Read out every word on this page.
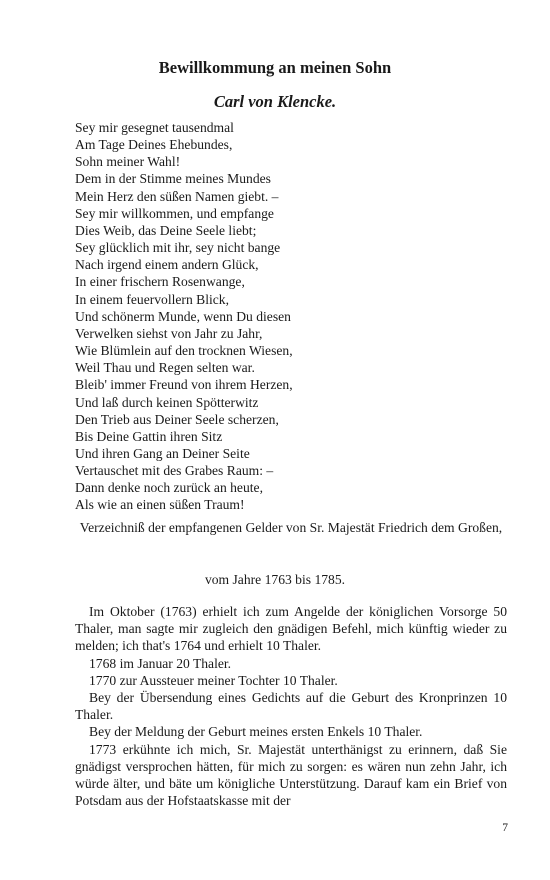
Bewillkommung an meinen Sohn
Carl von Klencke.
Sey mir gesegnet tausendmal
Am Tage Deines Ehebundes,
Sohn meiner Wahl!
Dem in der Stimme meines Mundes
Mein Herz den süßen Namen giebt. –
Sey mir willkommen, und empfange
Dies Weib, das Deine Seele liebt;
Sey glücklich mit ihr, sey nicht bange
Nach irgend einem andern Glück,
In einer frischern Rosenwange,
In einem feuervollern Blick,
Und schönerm Munde, wenn Du diesen
Verwelken siehst von Jahr zu Jahr,
Wie Blümlein auf den trocknen Wiesen,
Weil Thau und Regen selten war.
Bleib' immer Freund von ihrem Herzen,
Und laß durch keinen Spötterwitz
Den Trieb aus Deiner Seele scherzen,
Bis Deine Gattin ihren Sitz
Und ihren Gang an Deiner Seite
Vertauschet mit des Grabes Raum: –
Dann denke noch zurück an heute,
Als wie an einen süßen Traum!
Verzeichniß der empfangenen Gelder von Sr. Majestät Friedrich dem Großen,
vom Jahre 1763 bis 1785.

Im Oktober (1763) erhielt ich zum Angelde der königlichen Vorsorge 50 Thaler, man sagte mir zugleich den gnädigen Befehl, mich künftig wieder zu melden; ich that's 1764 und erhielt 10 Thaler.

1768 im Januar 20 Thaler.

1770 zur Aussteuer meiner Tochter 10 Thaler.

Bey der Übersendung eines Gedichts auf die Geburt des Kronprinzen 10 Thaler.

Bey der Meldung der Geburt meines ersten Enkels 10 Thaler.

1773 erkühnte ich mich, Sr. Majestät unterthänigst zu erinnern, daß Sie gnädigst versprochen hätten, für mich zu sorgen: es wären nun zehn Jahr, ich würde älter, und bäte um königliche Unterstützung. Darauf kam ein Brief von Potsdam aus der Hofstaatskasse mit der

7
